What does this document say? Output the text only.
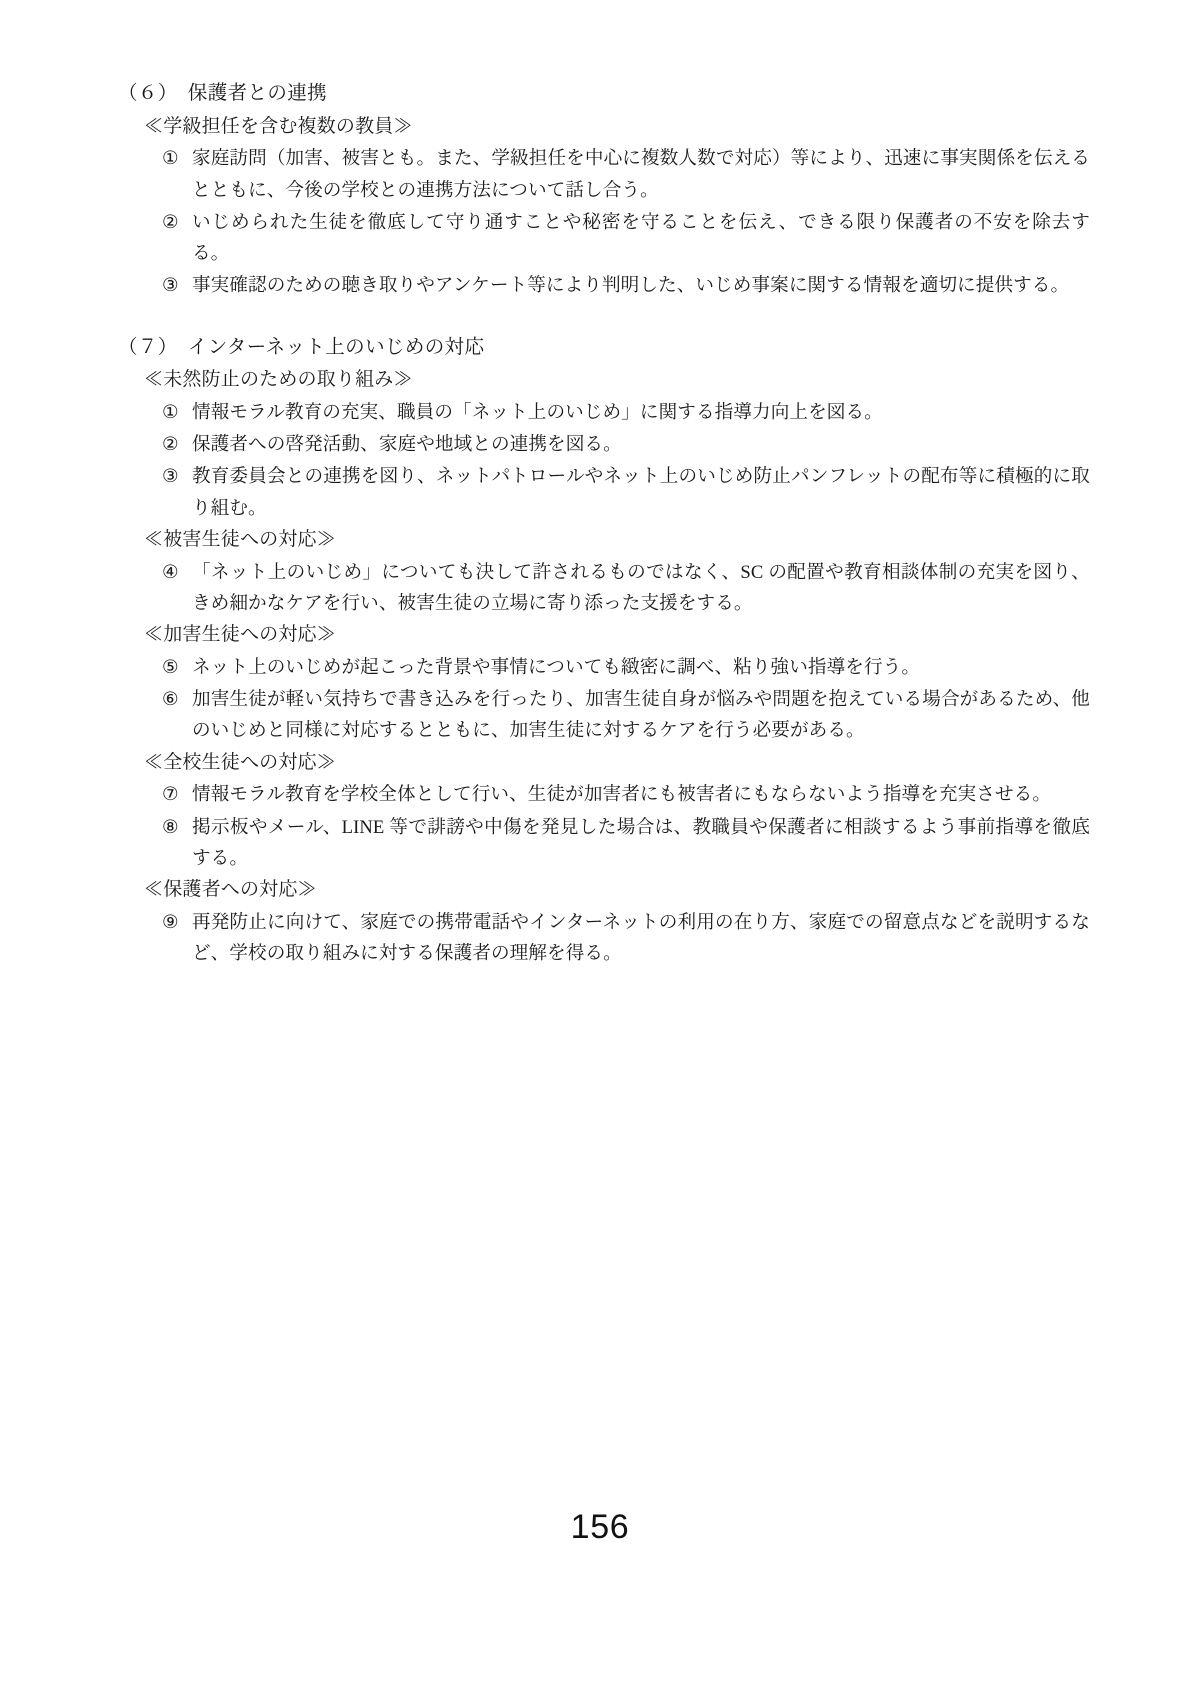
（６）　保護者との連携

≪学級担任を含む複数の教員≫

① 家庭訪問（加害、被害とも。また、学級担任を中心に複数人数で対応）等により、迅速に事実関係を伝えるとともに、今後の学校との連携方法について話し合う。
② いじめられた生徒を徹底して守り通すことや秘密を守ることを伝え、できる限り保護者の不安を除去する。
③ 事実確認のための聴き取りやアンケート等により判明した、いじめ事案に関する情報を適切に提供する。

（７）　インターネット上のいじめの対応

≪未然防止のための取り組み≫

① 情報モラル教育の充実、職員の「ネット上のいじめ」に関する指導力向上を図る。
② 保護者への啓発活動、家庭や地域との連携を図る。
③ 教育委員会との連携を図り、ネットパトロールやネット上のいじめ防止パンフレットの配布等に積極的に取り組む。

≪被害生徒への対応≫

④ 「ネット上のいじめ」についても決して許されるものではなく、SC の配置や教育相談体制の充実を図り、きめ細かなケアを行い、被害生徒の立場に寄り添った支援をする。

≪加害生徒への対応≫

⑤ ネット上のいじめが起こった背景や事情についても緻密に調べ、粘り強い指導を行う。
⑥ 加害生徒が軽い気持ちで書き込みを行ったり、加害生徒自身が悩みや問題を抱えている場合があるため、他のいじめと同様に対応するとともに、加害生徒に対するケアを行う必要がある。

≪全校生徒への対応≫

⑦ 情報モラル教育を学校全体として行い、生徒が加害者にも被害者にもならないよう指導を充実させる。
⑧ 掲示板やメール、LINE 等で誹謗や中傷を発見した場合は、教職員や保護者に相談するよう事前指導を徹底する。

≪保護者への対応≫

⑨ 再発防止に向けて、家庭での携帯電話やインターネットの利用の在り方、家庭での留意点などを説明するなど、学校の取り組みに対する保護者の理解を得る。
156
